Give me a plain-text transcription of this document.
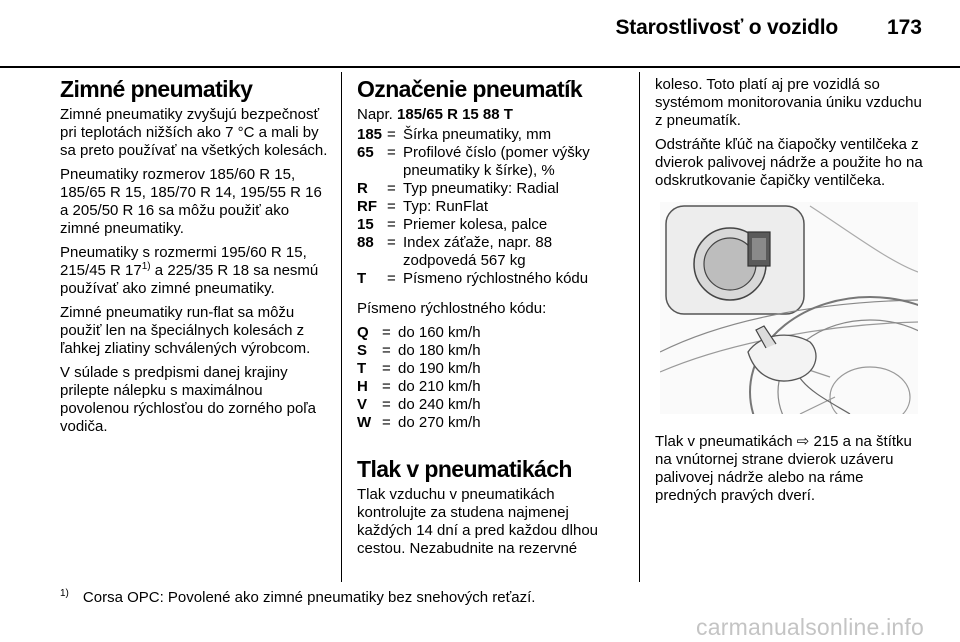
Starostlivosť o vozidlo 173
Zimné pneumatiky

Zimné pneumatiky zvyšujú bezpečnosť pri teplotách nižších ako 7 °C a mali by sa preto používať na všetkých kolesách.

Pneumatiky rozmerov 185/60 R 15, 185/65 R 15, 185/70 R 14, 195/55 R 16 a 205/50 R 16 sa môžu použiť ako zimné pneumatiky.

Pneumatiky s rozmermi 195/60 R 15, 215/45 R 17$^{1)}$ a 225/35 R 18 sa nesmú používať ako zimné pneumatiky.

Zimné pneumatiky run-flat sa môžu použiť len na špeciálnych kolesách z ľahkej zliatiny schválených výrobcom.

V súlade s predpismi danej krajiny prilepte nálepku s maximálnou povolenou rýchlosťou do zorného poľa vodiča.

Označenie pneumatík

Napr. 185/65 R 15 88 T

185 = Šírka pneumatiky, mm
65 = Profilové číslo (pomer výšky pneumatiky k šírke), %
R	= Typ pneumatiky: Radial
RF = Typ: RunFlat
15 = Priemer kolesa, palce
88 = Index záťaže, napr. 88 zodpovedá 567 kg
T	= Písmeno rýchlostného kódu

Písmeno rýchlostného kódu:

Q = do 160 km/h
S = do 180 km/h
T	= do 190 km/h
H = do 210 km/h
V = do 240 km/h
W = do 270 km/h
Tlak v pneumatikách

Tlak vzduchu v pneumatikách kontrolujte za studena najmenej každých 14 dní a pred každou dlhou cestou. Nezabudnite na rezervné

koleso. Toto platí aj pre vozidlá so systémom monitorovania úniku vzduchu z pneumatík.

Odstráňte kľúč na čiapočky ventilčeka z dvierok palivovej nádrže a použite ho na odskrutkovanie čapičky ventilčeka.

Tlak v pneumatikách ⇨ 215 a na štítku na vnútornej strane dvierok uzáveru palivovej nádrže alebo na ráme predných pravých dverí.

$^{1)}$ Corsa OPC: Povolené ako zimné pneumatiky bez snehových reťazí.
carmanualsonline.info
